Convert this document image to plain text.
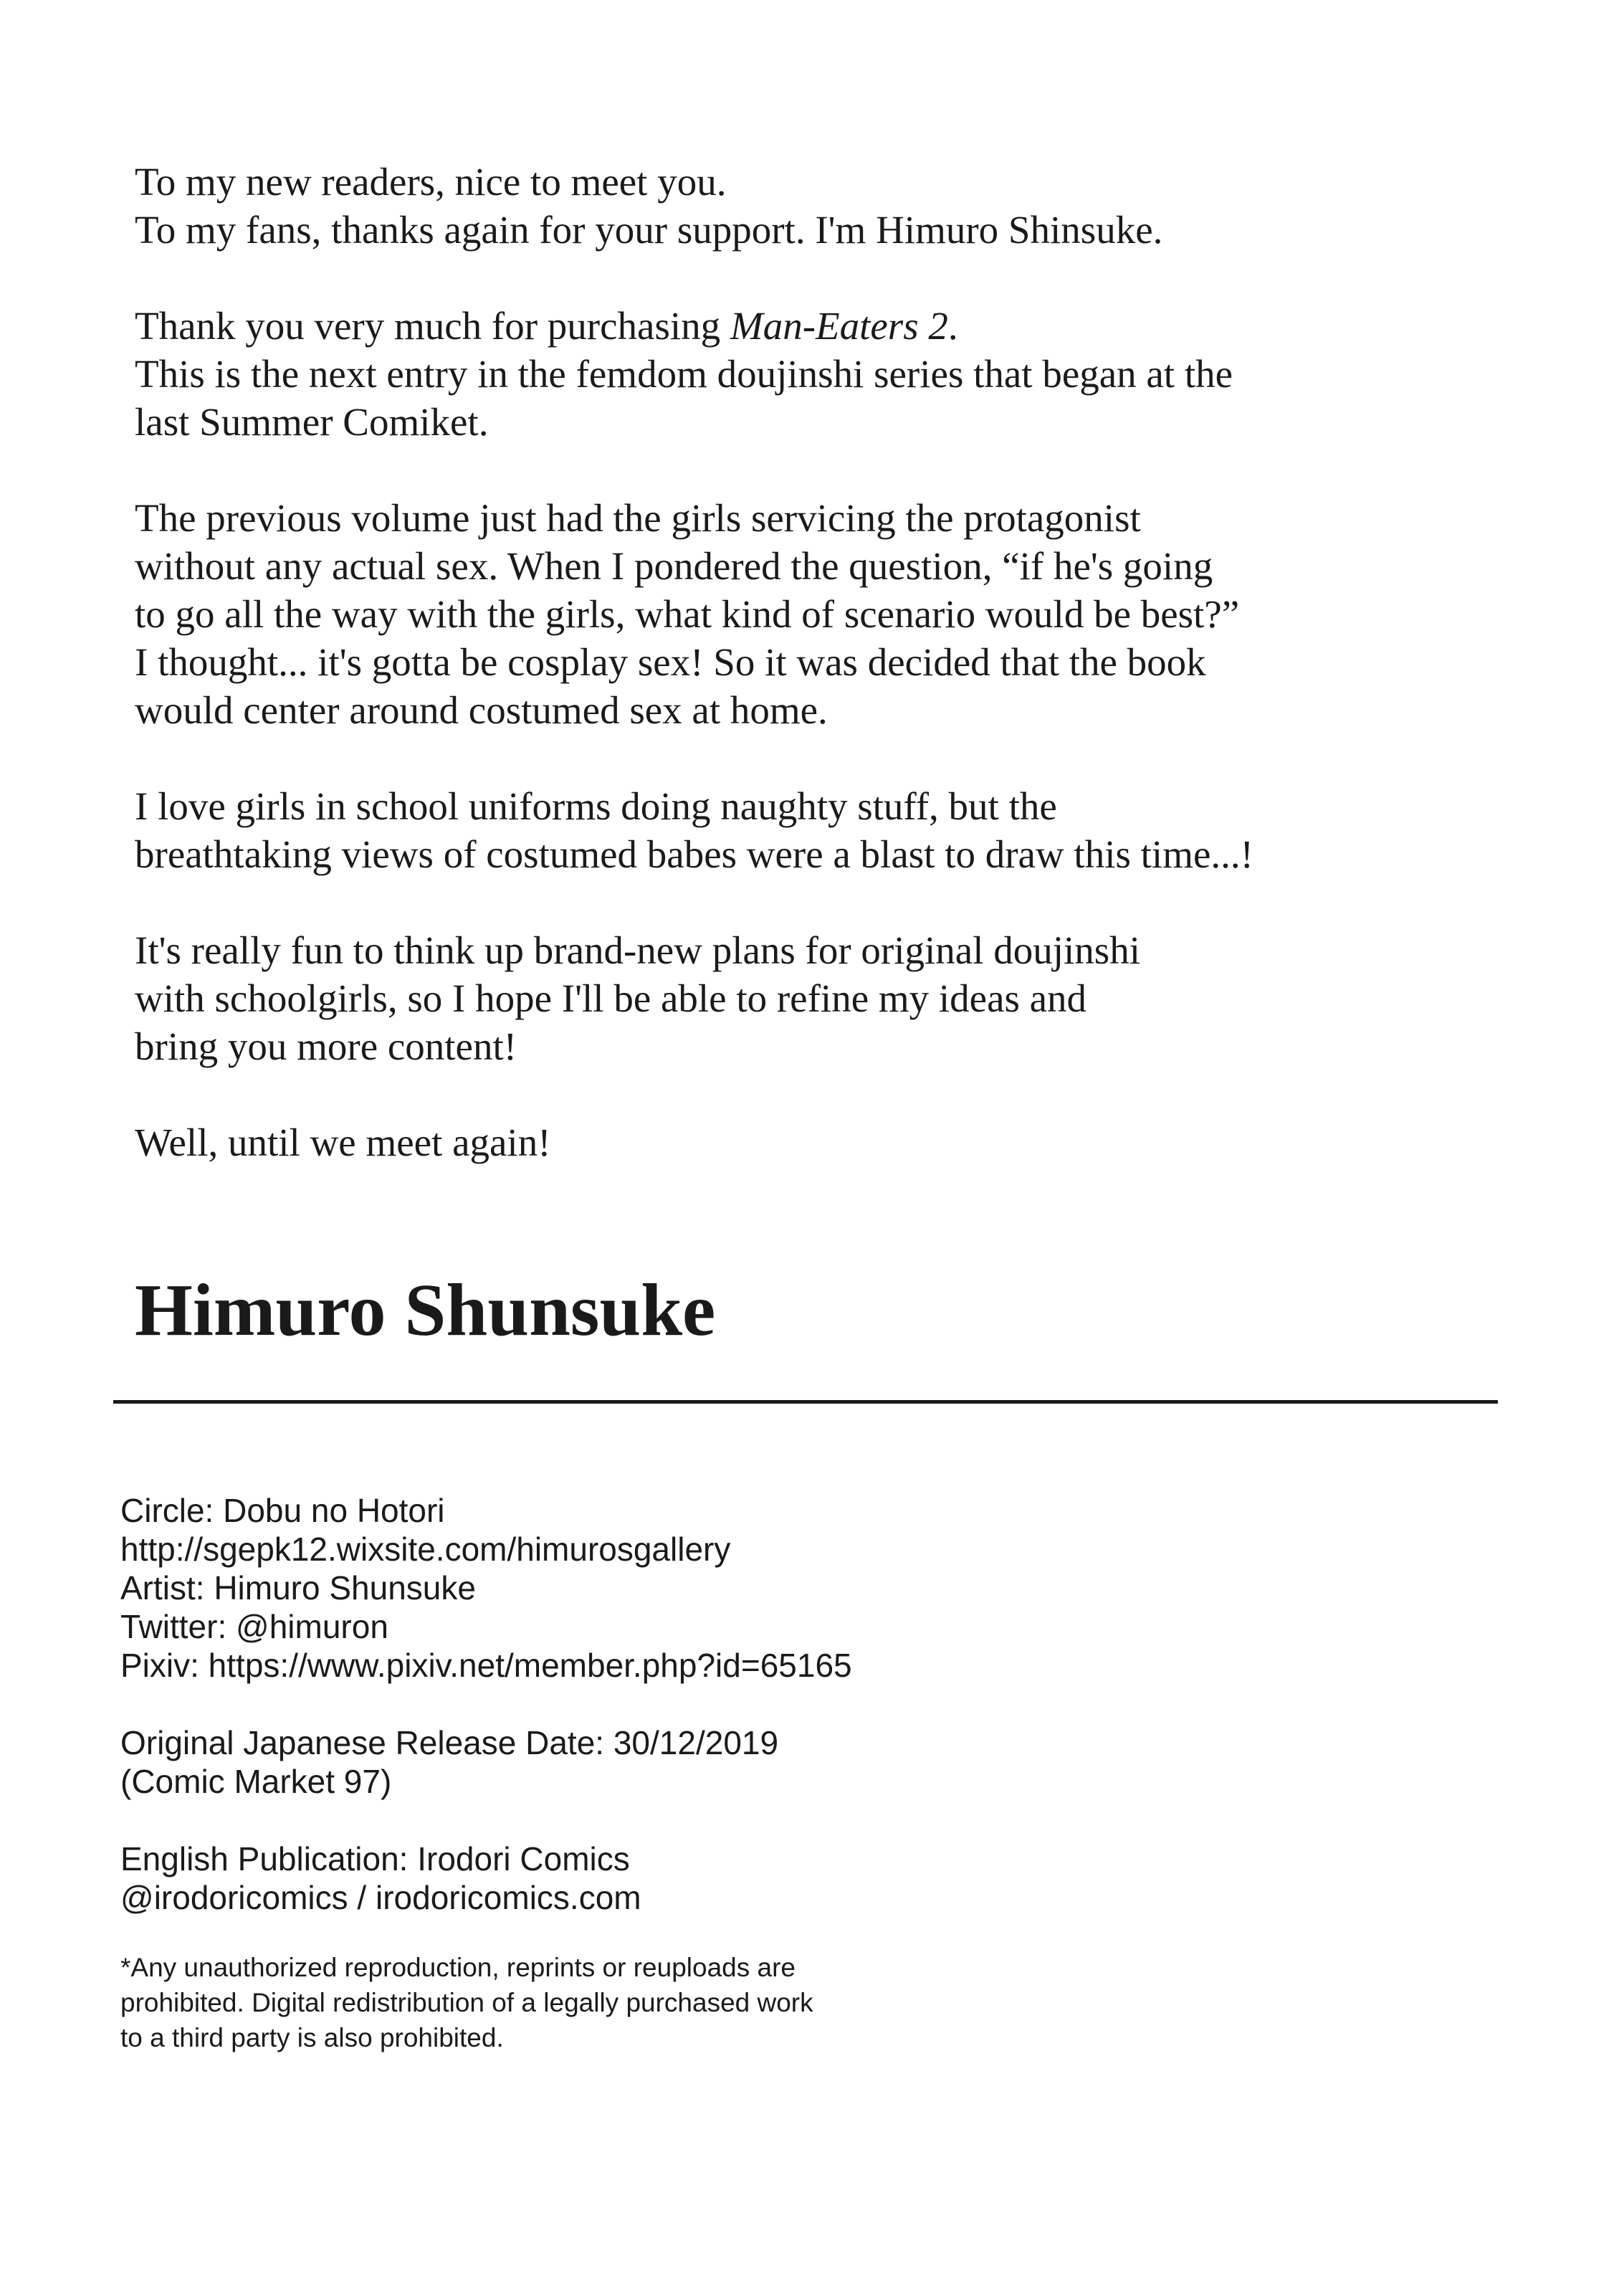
To my new readers, nice to meet you.
To my fans, thanks again for your support. I'm Himuro Shinsuke.

Thank you very much for purchasing Man-Eaters 2.
This is the next entry in the femdom doujinshi series that began at the
last Summer Comiket.

The previous volume just had the girls servicing the protagonist
without any actual sex. When I pondered the question, “if he's going
to go all the way with the girls, what kind of scenario would be best?”
I thought... it's gotta be cosplay sex! So it was decided that the book
would center around costumed sex at home.

I love girls in school uniforms doing naughty stuff, but the
breathtaking views of costumed babes were a blast to draw this time...!

It's really fun to think up brand-new plans for original doujinshi
with schoolgirls, so I hope I'll be able to refine my ideas and
bring you more content!

Well, until we meet again!

Himuro Shunsuke
Circle: Dobu no Hotori
http://sgepk12.wixsite.com/himurosgallery
Artist: Himuro Shunsuke
Twitter: @himuron
Pixiv: https://www.pixiv.net/member.php?id=65165
Original Japanese Release Date: 30/12/2019
(Comic Market 97)
English Publication: Irodori Comics
@irodoricomics / irodoricomics.com
*Any unauthorized reproduction, reprints or reuploads are
prohibited. Digital redistribution of a legally purchased work
to a third party is also prohibited.
